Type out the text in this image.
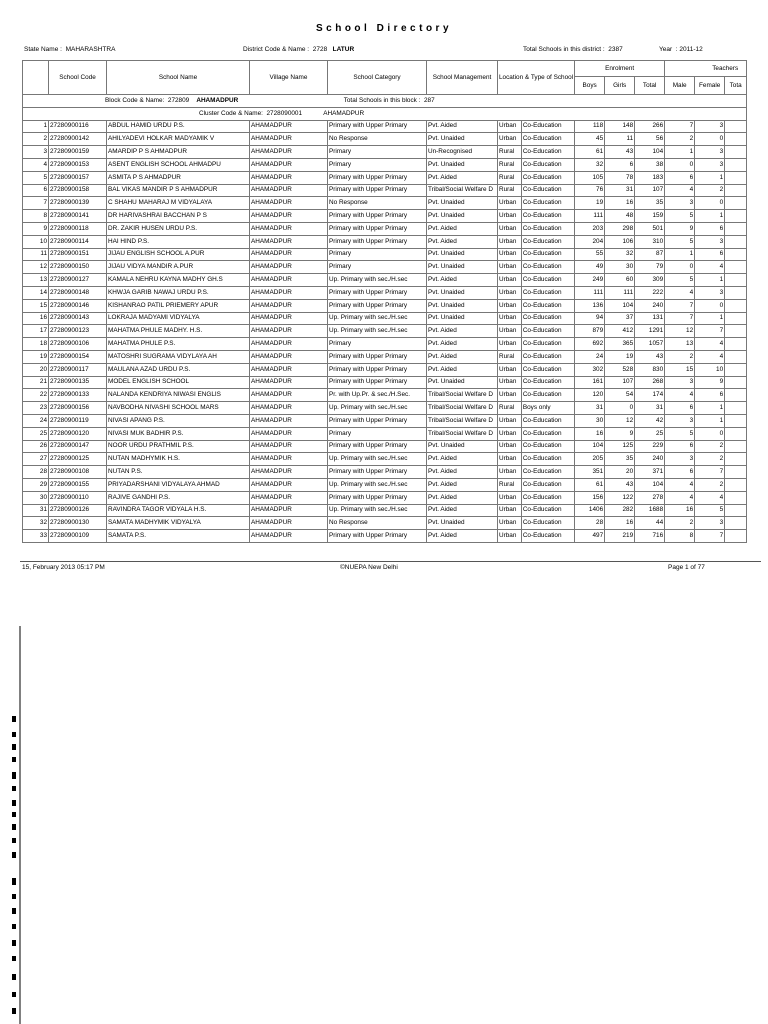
School Directory
State Name : MAHARASHTRA	District Code & Name : 2728 LATUR	Total Schools in this district : 2387	Year : 2011-12
	School Code	School Name	Village Name	School Category	School Management	Location & Type of School		Enrolment			Teachers		
								Boys	Girls	Total	Male	Female	Tota
Block Code & Name: 272809 AHAMADPUR Total Schools in this block : 287													
Cluster Code & Name: 2728090001 AHAMADPUR													
1	27280900116	ABDUL HAMID URDU P.S.	AHAMADPUR	Primary with Upper Primary	Pvt. Aided	Urban	Co-Education	118	148	266	7	3	
2	27280900142	AHILYADEVI HOLKAR MADYAMIK V	AHAMADPUR	No Response	Pvt. Unaided	Urban	Co-Education	45	11	56	2	0	
3	27280900159	AMARDIP P S AHMADPUR	AHAMADPUR	Primary	Un-Recognised	Rural	Co-Education	61	43	104	1	3	
4	27280900153	ASENT ENGLISH SCHOOL AHMADPU	AHAMADPUR	Primary	Pvt. Unaided	Rural	Co-Education	32	6	38	0	3	
5	27280900157	ASMITA P S AHMADPUR	AHAMADPUR	Primary with Upper Primary	Pvt. Aided	Rural	Co-Education	105	78	183	6	1	
6	27280900158	BAL VIKAS MANDIR P S AHMADPUR	AHAMADPUR	Primary with Upper Primary	Tribal/Social Welfare D	Rural	Co-Education	76	31	107	4	2	
7	27280900139	C SHAHU MAHARAJ M VIDYALAYA	AHAMADPUR	No Response	Pvt. Unaided	Urban	Co-Education	19	16	35	3	0	
8	27280900141	DR HARIVASHRAI BACCHAN P S	AHAMADPUR	Primary with Upper Primary	Pvt. Unaided	Urban	Co-Education	111	48	159	5	1	
9	27280900118	DR. ZAKIR HUSEN URDU P.S.	AHAMADPUR	Primary with Upper Primary	Pvt. Aided	Urban	Co-Education	203	298	501	9	6	
10	27280900114	HAI HIND P.S.	AHAMADPUR	Primary with Upper Primary	Pvt. Aided	Urban	Co-Education	204	106	310	5	3	
11	27280900151	JIJAU ENGLISH SCHOOL A.PUR	AHAMADPUR	Primary	Pvt. Unaided	Urban	Co-Education	55	32	87	1	6	
12	27280900150	JIJAU VIDYA MANDIR A.PUR	AHAMADPUR	Primary	Pvt. Unaided	Urban	Co-Education	49	30	79	0	4	
13	27280900127	KAMALA NEHRU KAYNA MADHY GH.S	AHAMADPUR	Up. Primary with sec./H.sec	Pvt. Aided	Urban	Co-Education	249	60	309	5	1	
14	27280900148	KHWJA GARIB NAWAJ URDU P.S.	AHAMADPUR	Primary with Upper Primary	Pvt. Unaided	Urban	Co-Education	111	111	222	4	3	
15	27280900146	KISHANRAO PATIL PRIEMERY APUR	AHAMADPUR	Primary with Upper Primary	Pvt. Unaided	Urban	Co-Education	136	104	240	7	0	
16	27280900143	LOKRAJA MADYAMI VIDYALYA	AHAMADPUR	Up. Primary with sec./H.sec	Pvt. Unaided	Urban	Co-Education	94	37	131	7	1	
17	27280900123	MAHATMA PHULE MADHY. H.S.	AHAMADPUR	Up. Primary with sec./H.sec	Pvt. Aided	Urban	Co-Education	879	412	1291	12	7	
18	27280900106	MAHATMA PHULE P.S.	AHAMADPUR	Primary	Pvt. Aided	Urban	Co-Education	692	365	1057	13	4	
19	27280900154	MATOSHRI SUGRAMA VIDYLAYA AH	AHAMADPUR	Primary with Upper Primary	Pvt. Aided	Rural	Co-Education	24	19	43	2	4	
20	27280900117	MAULANA AZAD URDU P.S.	AHAMADPUR	Primary with Upper Primary	Pvt. Aided	Urban	Co-Education	302	528	830	15	10	
21	27280900135	MODEL ENGLISH SCHOOL	AHAMADPUR	Primary with Upper Primary	Pvt. Unaided	Urban	Co-Education	161	107	268	3	9	
22	27280900133	NALANDA KENDRIYA NIWASI ENGLIS	AHAMADPUR	Pr. with Up.Pr. & sec./H.Sec.	Tribal/Social Welfare D	Urban	Co-Education	120	54	174	4	6	
23	27280900156	NAVBODHA NIVASHI SCHOOL MARS	AHAMADPUR	Up. Primary with sec./H.sec	Tribal/Social Welfare D	Rural	Boys only	31	0	31	6	1	
24	27280900119	NIVASI APANG P.S.	AHAMADPUR	Primary with Upper Primary	Tribal/Social Welfare D	Urban	Co-Education	30	12	42	3	1	
25	27280900120	NIVASI MUK BADHIR P.S.	AHAMADPUR	Primary	Tribal/Social Welfare D	Urban	Co-Education	16	9	25	5	0	
26	27280900147	NOOR URDU PRATHMIL P.S.	AHAMADPUR	Primary with Upper Primary	Pvt. Unaided	Urban	Co-Education	104	125	229	6	2	
27	27280900125	NUTAN MADHYMIK H.S.	AHAMADPUR	Up. Primary with sec./H.sec	Pvt. Aided	Urban	Co-Education	205	35	240	3	2	
28	27280900108	NUTAN P.S.	AHAMADPUR	Primary with Upper Primary	Pvt. Aided	Urban	Co-Education	351	20	371	6	7	
29	27280900155	PRIYADARSHANI VIDYALAYA AHMAD	AHAMADPUR	Up. Primary with sec./H.sec	Pvt. Aided	Rural	Co-Education	61	43	104	4	2	
30	27280900110	RAJIVE GANDHI P.S.	AHAMADPUR	Primary with Upper Primary	Pvt. Aided	Urban	Co-Education	156	122	278	4	4	
31	27280900126	RAVINDRA TAGOR VIDYALA H.S.	AHAMADPUR	Up. Primary with sec./H.sec	Pvt. Aided	Urban	Co-Education	1406	282	1688	16	5	
32	27280900130	SAMATA MADHYMIK VIDYALYA	AHAMADPUR	No Response	Pvt. Unaided	Urban	Co-Education	28	16	44	2	3	
33	27280900109	SAMATA P.S.	AHAMADPUR	Primary with Upper Primary	Pvt. Aided	Urban	Co-Education	497	219	716	8	7	
15, February 2013 05:17 PM	©NUEPA New Delhi	Page 1 of 77
